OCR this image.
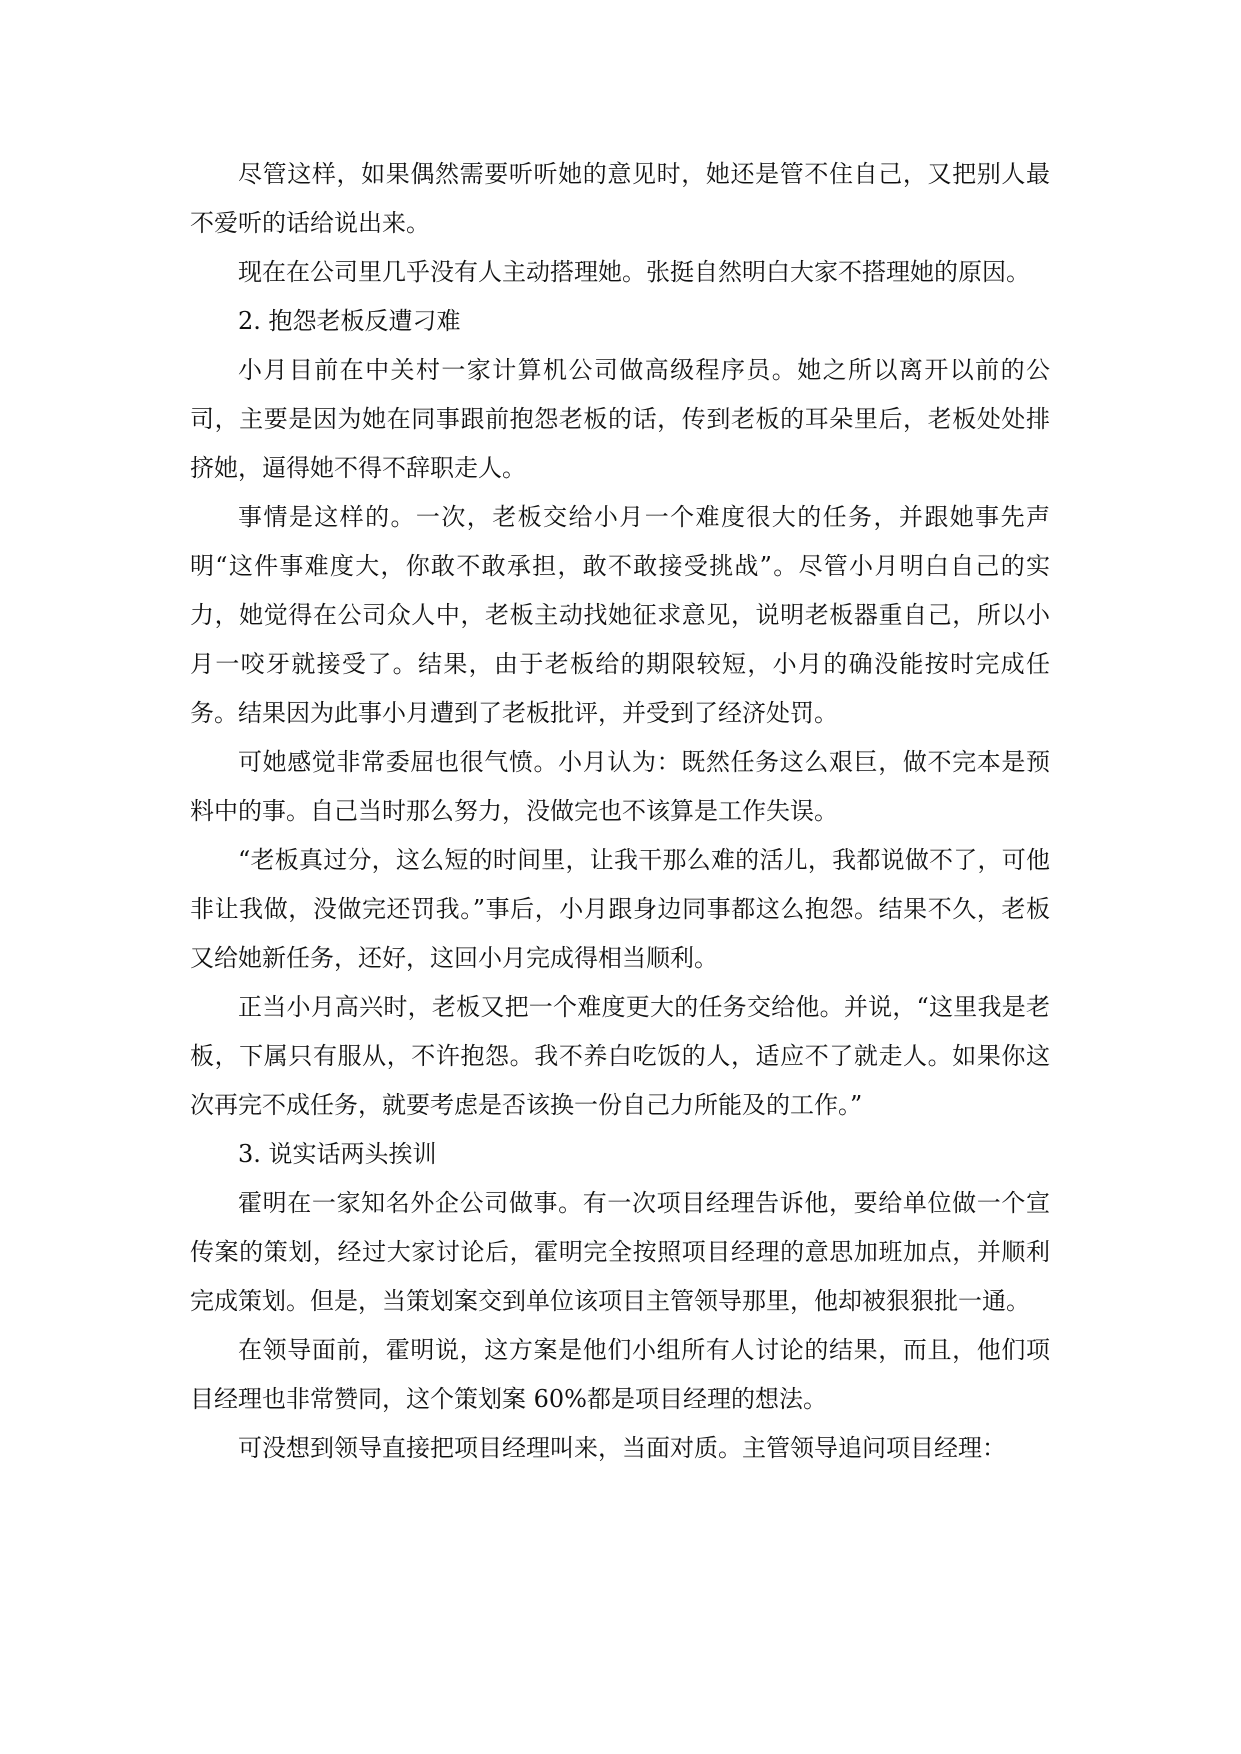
尽管这样，如果偶然需要听听她的意见时，她还是管不住自己，又把别人最不爱听的话给说出来。

现在在公司里几乎没有人主动搭理她。张挺自然明白大家不搭理她的原因。

2. 抱怨老板反遭刁难

小月目前在中关村一家计算机公司做高级程序员。她之所以离开以前的公司，主要是因为她在同事跟前抱怨老板的话，传到老板的耳朵里后，老板处处排挤她，逼得她不得不辞职走人。

事情是这样的。一次，老板交给小月一个难度很大的任务，并跟她事先声明“这件事难度大，你敢不敢承担，敢不敢接受挑战”。尽管小月明白自己的实力，她觉得在公司众人中，老板主动找她征求意见，说明老板器重自己，所以小月一咬牙就接受了。结果，由于老板给的期限较短，小月的确没能按时完成任务。结果因为此事小月遭到了老板批评，并受到了经济处罚。

可她感觉非常委屈也很气愤。小月认为：既然任务这么艰巨，做不完本是预料中的事。自己当时那么努力，没做完也不该算是工作失误。

“老板真过分，这么短的时间里，让我干那么难的活儿，我都说做不了，可他非让我做，没做完还罚我。”事后，小月跟身边同事都这么抱怨。结果不久，老板又给她新任务，还好，这回小月完成得相当顺利。

正当小月高兴时，老板又把一个难度更大的任务交给他。并说，“这里我是老板，下属只有服从，不许抱怨。我不养白吃饭的人，适应不了就走人。如果你这次再完不成任务，就要考虑是否该换一份自己力所能及的工作。”

3. 说实话两头挨训

霍明在一家知名外企公司做事。有一次项目经理告诉他，要给单位做一个宣传案的策划，经过大家讨论后，霍明完全按照项目经理的意思加班加点，并顺利完成策划。但是，当策划案交到单位该项目主管领导那里，他却被狠狠批一通。

在领导面前，霍明说，这方案是他们小组所有人讨论的结果，而且，他们项目经理也非常赞同，这个策划案 60%都是项目经理的想法。

可没想到领导直接把项目经理叫来，当面对质。主管领导追问项目经理：
